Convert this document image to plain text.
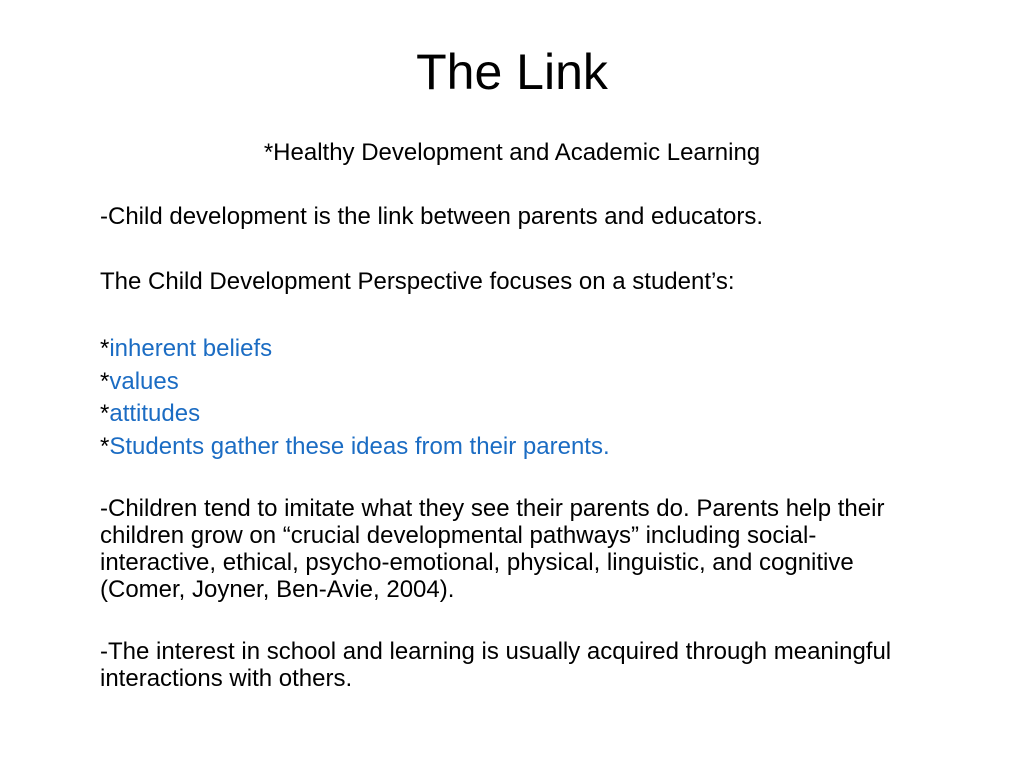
The Link

*Healthy Development and Academic Learning

-Child development is the link between parents and educators.

The Child Development Perspective focuses on a student’s:

*inherent beliefs
*values
*attitudes
*Students gather these ideas from their parents.

-Children tend to imitate what they see their parents do. Parents help their children grow on “crucial developmental pathways” including social-interactive, ethical, psycho-emotional, physical, linguistic, and cognitive (Comer, Joyner, Ben-Avie, 2004).

-The interest in school and learning is usually acquired through meaningful interactions with others.
